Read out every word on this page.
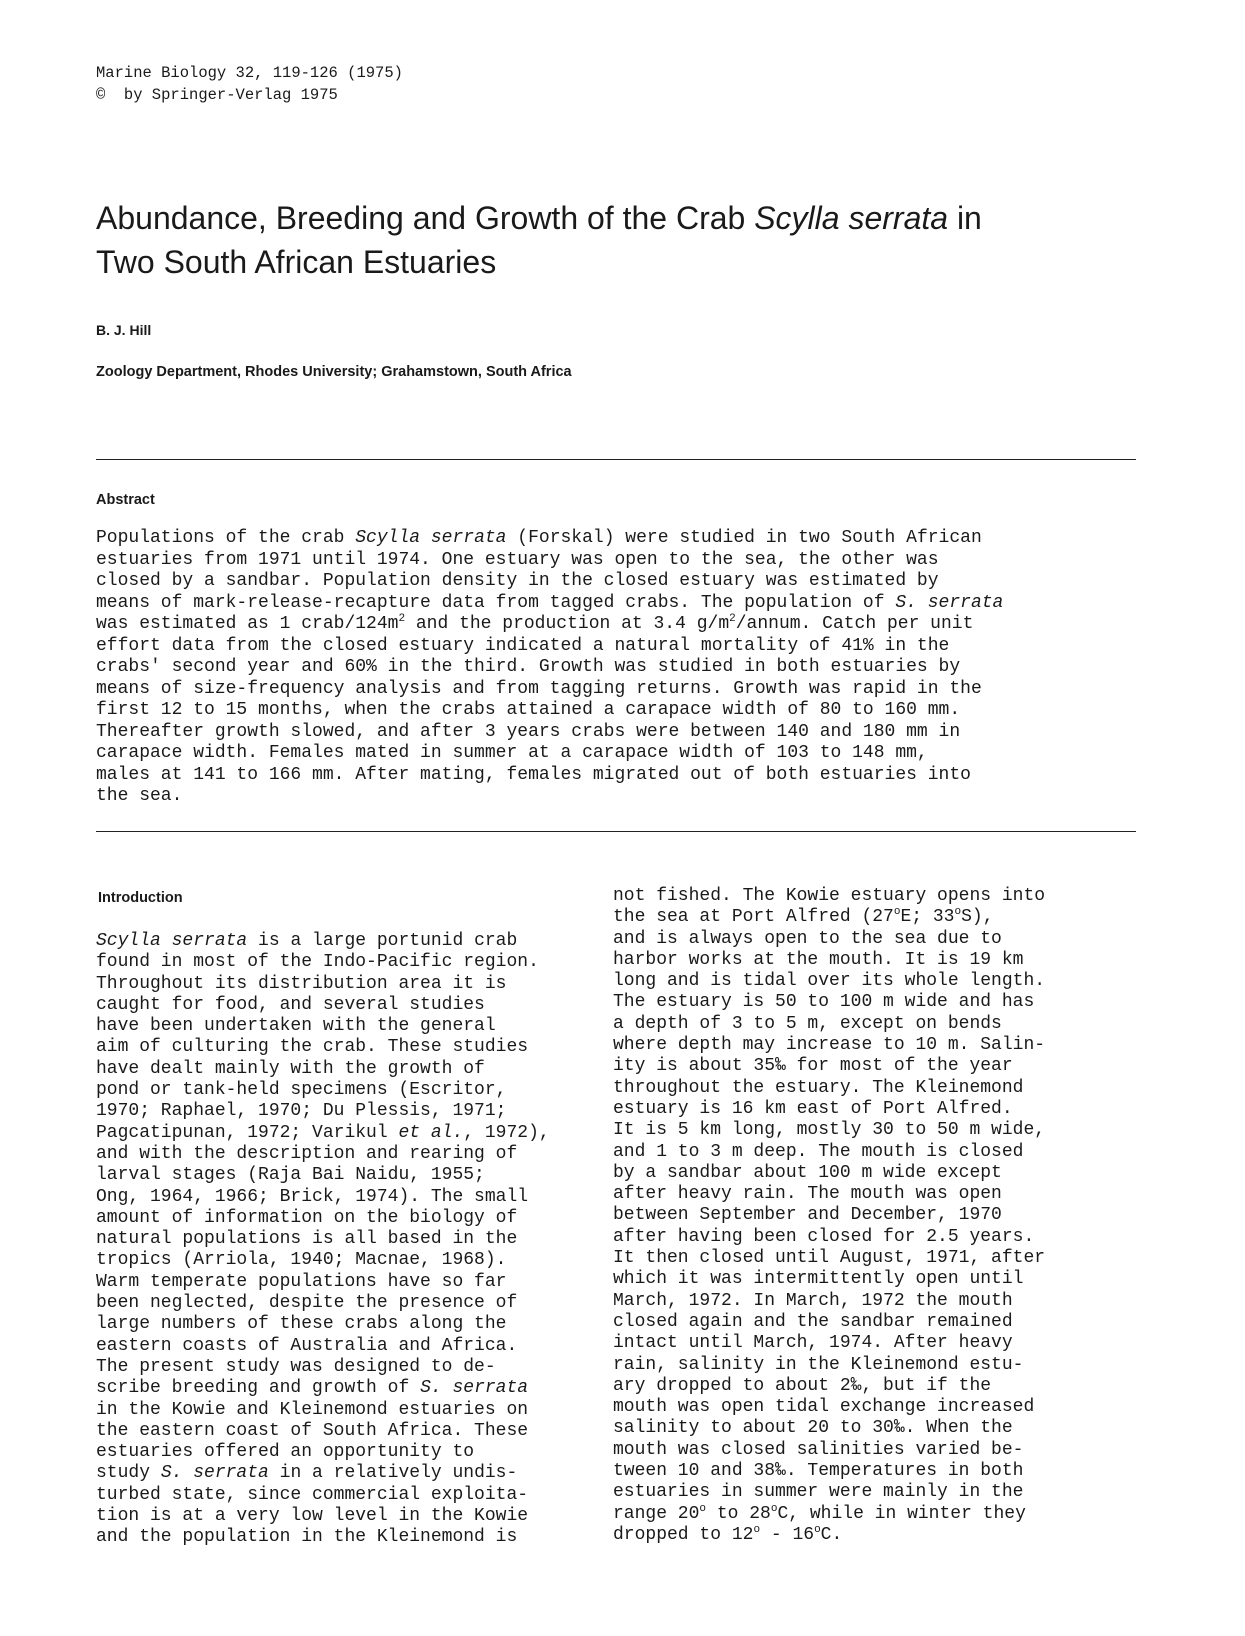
Marine Biology 32, 119-126 (1975)
©  by Springer-Verlag 1975
Abundance, Breeding and Growth of the Crab Scylla serrata in
Two South African Estuaries
B. J. Hill
Zoology Department, Rhodes University; Grahamstown, South Africa
Abstract
Populations of the crab Scylla serrata (Forskal) were studied in two South African
estuaries from 1971 until 1974. One estuary was open to the sea, the other was
closed by a sandbar. Population density in the closed estuary was estimated by
means of mark-release-recapture data from tagged crabs. The population of S. serrata
was estimated as 1 crab/$124m^2$ and the production at 3.4 $g/m^2$/annum. Catch per unit
effort data from the closed estuary indicated a natural mortality of 41% in the
crabs' second year and 60% in the third. Growth was studied in both estuaries by
means of size-frequency analysis and from tagging returns. Growth was rapid in the
first 12 to 15 months, when the crabs attained a carapace width of 80 to 160 mm.
Thereafter growth slowed, and after 3 years crabs were between 140 and 180 mm in
carapace width. Females mated in summer at a carapace width of 103 to 148 mm,
males at 141 to 166 mm. After mating, females migrated out of both estuaries into
the sea.
Introduction
Scylla serrata is a large portunid crab
found in most of the Indo-Pacific region.
Throughout its distribution area it is
caught for food, and several studies
have been undertaken with the general
aim of culturing the crab. These studies
have dealt mainly with the growth of
pond or tank-held specimens (Escritor,
1970; Raphael, 1970; Du Plessis, 1971;
Pagcatipunan, 1972; Varikul et al., 1972),
and with the description and rearing of
larval stages (Raja Bai Naidu, 1955;
Ong, 1964, 1966; Brick, 1974). The small
amount of information on the biology of
natural populations is all based in the
tropics (Arriola, 1940; Macnae, 1968).
Warm temperate populations have so far
been neglected, despite the presence of
large numbers of these crabs along the
eastern coasts of Australia and Africa.
The present study was designed to de-
scribe breeding and growth of S. serrata
in the Kowie and Kleinemond estuaries on
the eastern coast of South Africa. These
estuaries offered an opportunity to
study S. serrata in a relatively undis-
turbed state, since commercial exploita-
tion is at a very low level in the Kowie
and the population in the Kleinemond is
not fished. The Kowie estuary opens into
the sea at Port Alfred (27$^o$E; 33$^o$S),
and is always open to the sea due to
harbor works at the mouth. It is 19 km
long and is tidal over its whole length.
The estuary is 50 to 100 m wide and has
a depth of 3 to 5 m, except on bends
where depth may increase to 10 m. Salin-
ity is about 35‰ for most of the year
throughout the estuary. The Kleinemond
estuary is 16 km east of Port Alfred.
It is 5 km long, mostly 30 to 50 m wide,
and 1 to 3 m deep. The mouth is closed
by a sandbar about 100 m wide except
after heavy rain. The mouth was open
between September and December, 1970
after having been closed for 2.5 years.
It then closed until August, 1971, after
which it was intermittently open until
March, 1972. In March, 1972 the mouth
closed again and the sandbar remained
intact until March, 1974. After heavy
rain, salinity in the Kleinemond estu-
ary dropped to about 2‰, but if the
mouth was open tidal exchange increased
salinity to about 20 to 30‰. When the
mouth was closed salinities varied be-
tween 10 and 38‰. Temperatures in both
estuaries in summer were mainly in the
range 20$^o$ to 28$^o$C, while in winter they
dropped to 12$^o$ - 16$^o$C.
